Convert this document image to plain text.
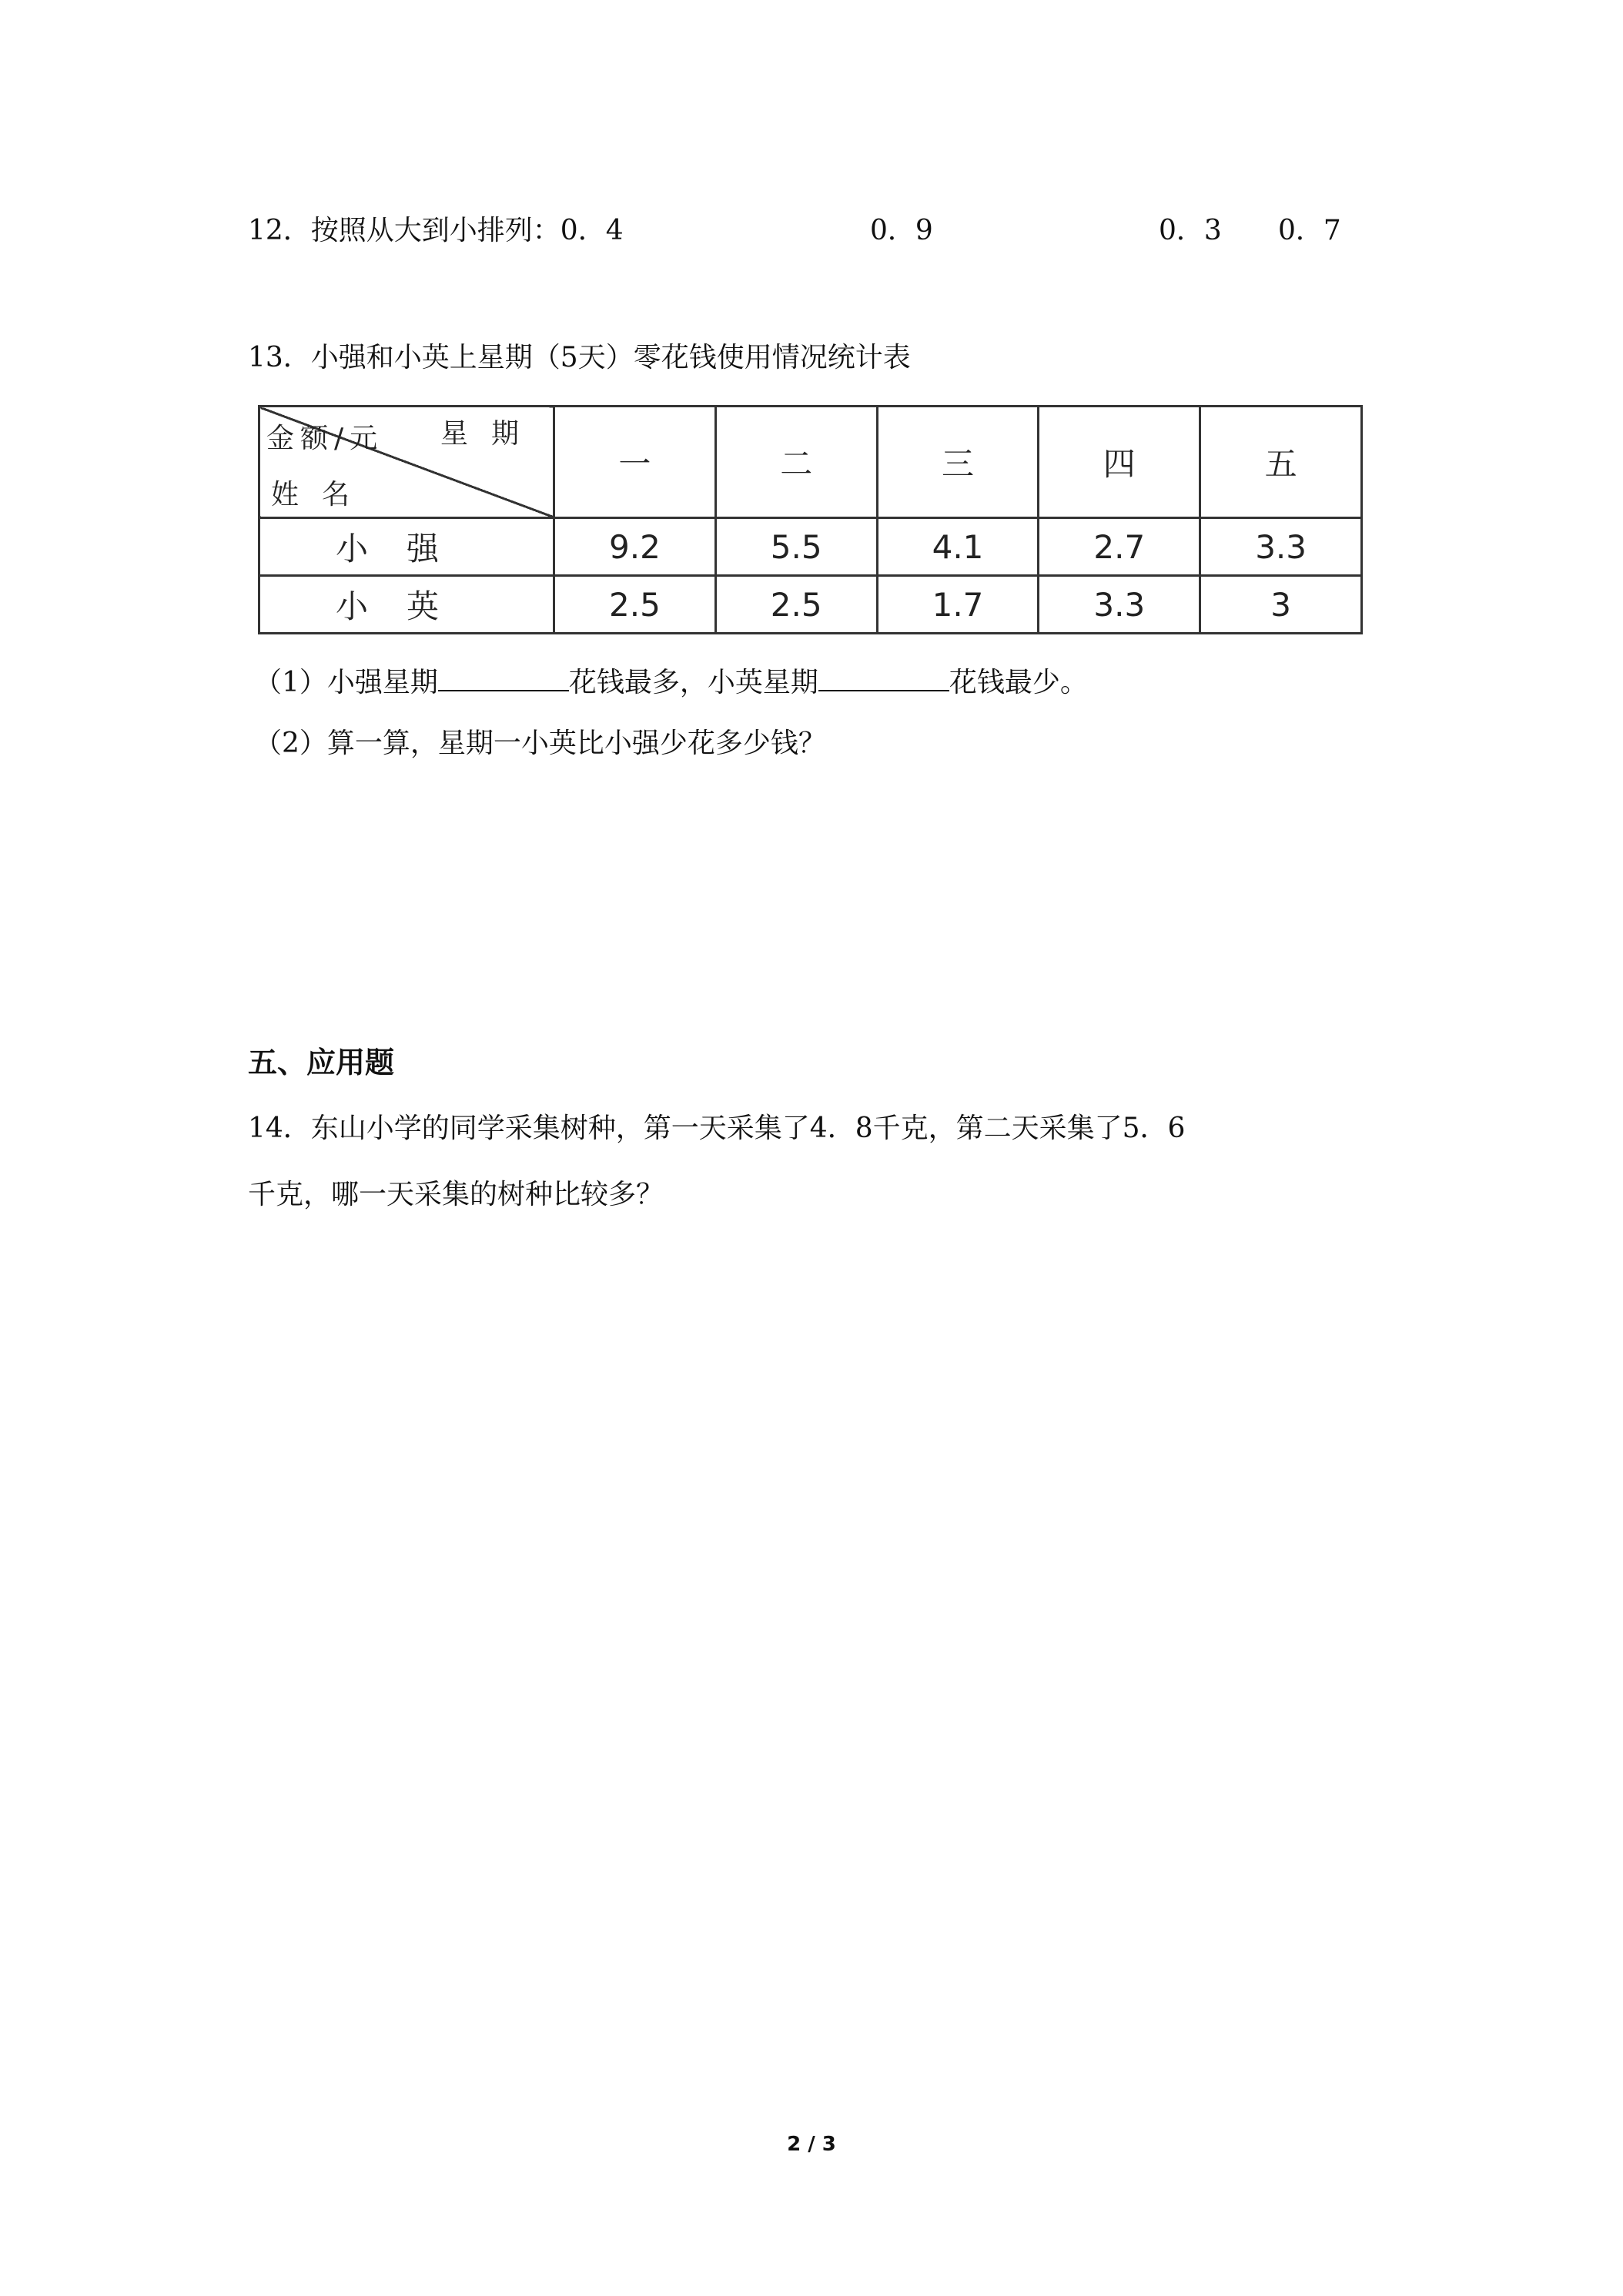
12．按照从大到小排列：0．4	0．9	0．3 0．7
13．小强和小英上星期（5天）零花钱使用情况统计表
金额/元 星期
姓名	一	二	三	四	五
小强	9.2	5.5	4.1	2.7	3.3
小英	2.5	2.5	1.7	3.3	3
（1）小强星期	花钱最多，小英星期	花钱最少。
（2）算一算，星期一小英比小强少花多少钱？
五、应用题
14．东山小学的同学采集树种，第一天采集了4．8千克，第二天采集了5．6
千克，哪一天采集的树种比较多？
2 / 3
